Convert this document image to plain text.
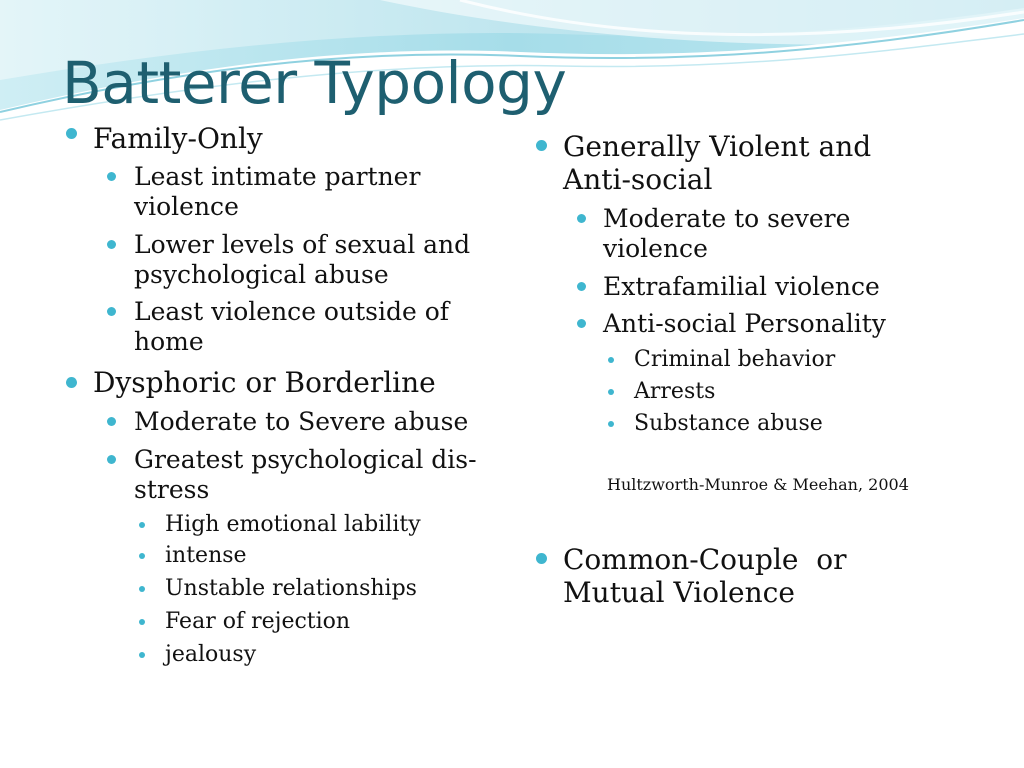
Batterer Typology
Family-Only
Least intimate partner
violence
Lower levels of sexual and
psychological abuse
Least violence outside of
home
Dysphoric or Borderline
Moderate to Severe abuse
Greatest psychological dis-
stress
High emotional lability
intense
Unstable relationships
Fear of rejection
jealousy
Generally Violent and
Anti-social
Moderate to severe
violence
Extrafamilial violence
Anti-social Personality
Criminal behavior
Arrests
Substance abuse
Hultzworth-Munroe & Meehan, 2004
Common-Couple  or
Mutual Violence
